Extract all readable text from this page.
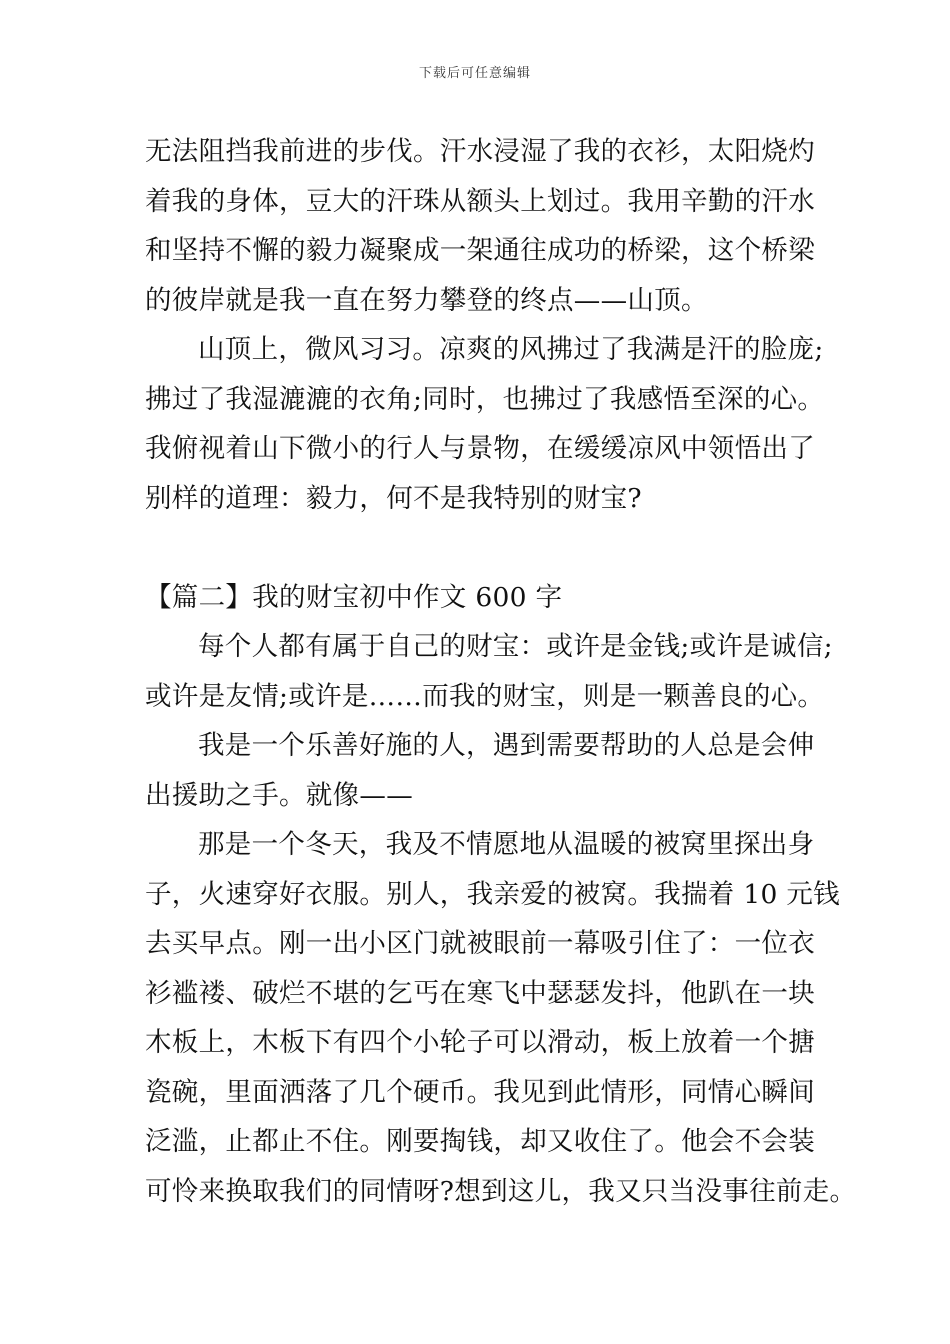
下载后可任意编辑
无法阻挡我前进的步伐。汗水浸湿了我的衣衫，太阳烧灼
着我的身体，豆大的汗珠从额头上划过。我用辛勤的汗水
和坚持不懈的毅力凝聚成一架通往成功的桥梁，这个桥梁
的彼岸就是我一直在努力攀登的终点——山顶。
山顶上，微风习习。凉爽的风拂过了我满是汗的脸庞;
拂过了我湿漉漉的衣角;同时，也拂过了我感悟至深的心。
我俯视着山下微小的行人与景物，在缓缓凉风中领悟出了
别样的道理：毅力，何不是我特别的财宝?
【篇二】我的财宝初中作文 600 字
每个人都有属于自己的财宝：或许是金钱;或许是诚信;
或许是友情;或许是……而我的财宝，则是一颗善良的心。
我是一个乐善好施的人，遇到需要帮助的人总是会伸
出援助之手。就像——
那是一个冬天，我及不情愿地从温暖的被窝里探出身
子，火速穿好衣服。别人，我亲爱的被窝。我揣着 10 元钱
去买早点。刚一出小区门就被眼前一幕吸引住了：一位衣
衫褴褛、破烂不堪的乞丐在寒飞中瑟瑟发抖，他趴在一块
木板上，木板下有四个小轮子可以滑动，板上放着一个搪
瓷碗，里面洒落了几个硬币。我见到此情形，同情心瞬间
泛滥，止都止不住。刚要掏钱，却又收住了。他会不会装
可怜来换取我们的同情呀?想到这儿，我又只当没事往前走。
